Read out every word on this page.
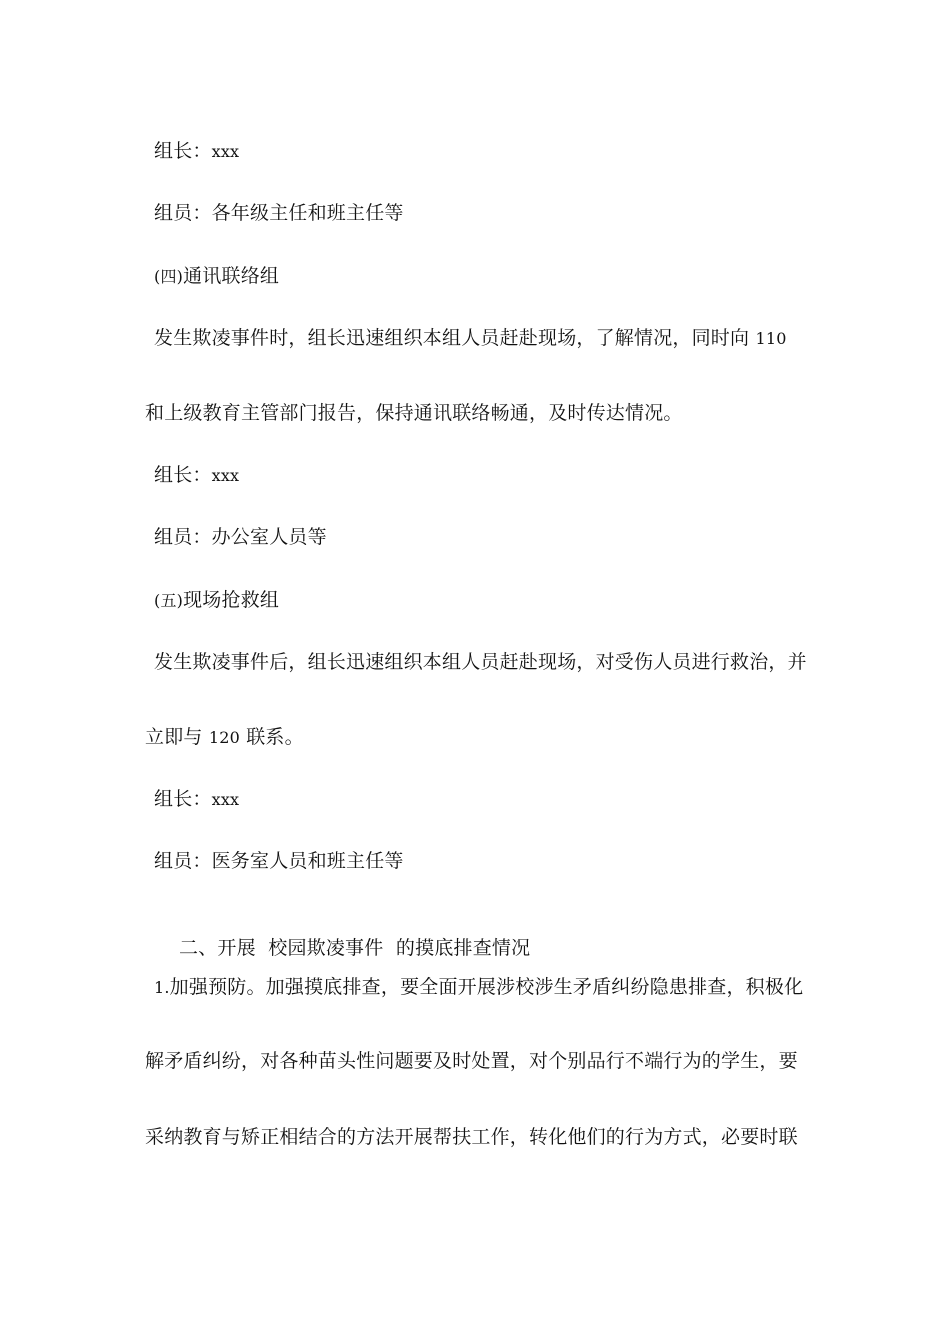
组长：xxx
组员：各年级主任和班主任等
(四)通讯联络组
发生欺凌事件时，组长迅速组织本组人员赶赴现场，了解情况，同时向 110
和上级教育主管部门报告，保持通讯联络畅通，及时传达情况。
组长：xxx
组员：办公室人员等
(五)现场抢救组
发生欺凌事件后，组长迅速组织本组人员赶赴现场，对受伤人员进行救治，并
立即与 120 联系。
组长：xxx
组员：医务室人员和班主任等

二、开展  校园欺凌事件  的摸底排查情况

1.加强预防。加强摸底排查，要全面开展涉校涉生矛盾纠纷隐患排查，积极化
解矛盾纠纷，对各种苗头性问题要及时处置，对个别品行不端行为的学生，要
采纳教育与矫正相结合的方法开展帮扶工作，转化他们的行为方式，必要时联
